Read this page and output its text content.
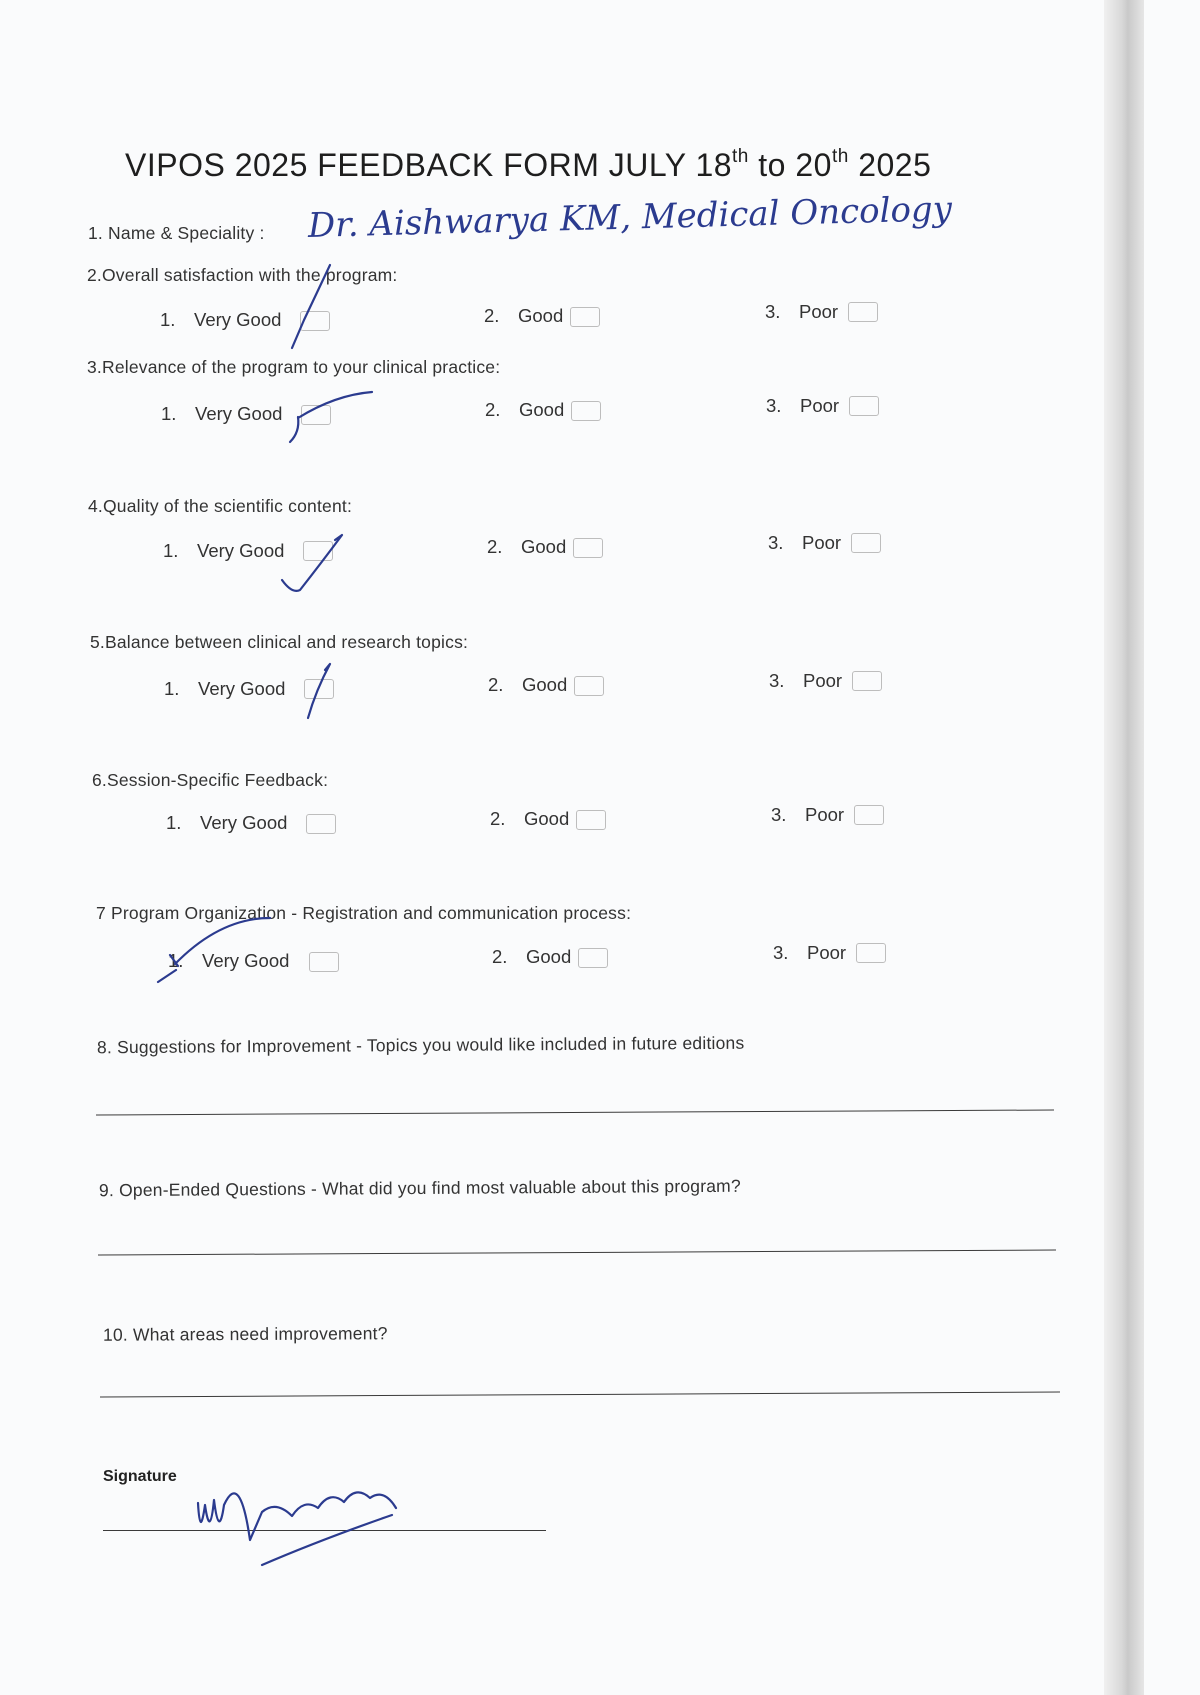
VIPOS 2025 FEEDBACK FORM JULY 18th to 20th 2025
1. Name & Speciality : Dr. Aishwarya KM, Medical Oncology
2.Overall satisfaction with the program:
1. Very Good	2. Good	3. Poor
3.Relevance of the program to your clinical practice:
1. Very Good	2. Good	3. Poor
4.Quality of the scientific content:
1. Very Good	2. Good	3. Poor
5.Balance between clinical and research topics:
1. Very Good	2. Good	3. Poor
6.Session-Specific Feedback:
1. Very Good	2. Good	3. Poor
7 Program Organization - Registration and communication process:
1. Very Good	2. Good	3. Poor
8. Suggestions for Improvement - Topics you would like included in future editions
9. Open-Ended Questions - What did you find most valuable about this program?
10. What areas need improvement?
Signature
